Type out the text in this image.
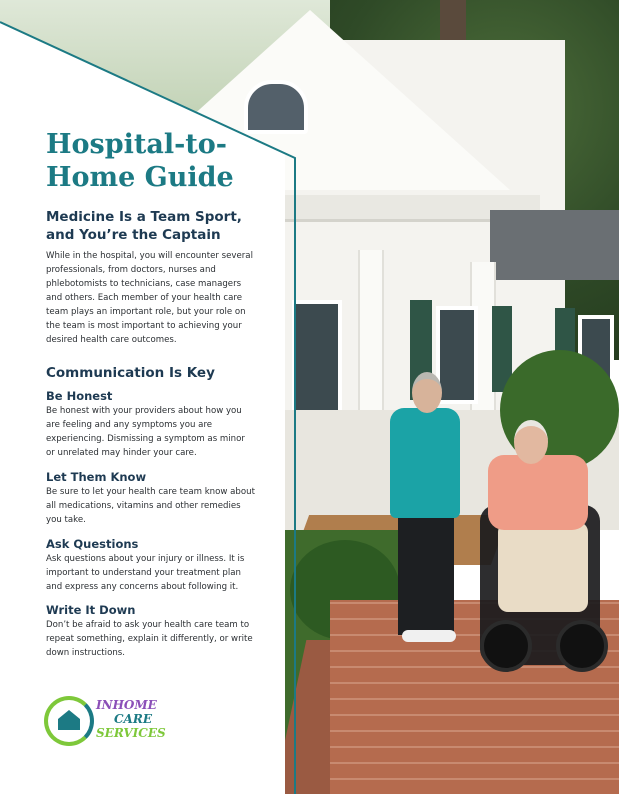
Hospital-to-Home Guide
Medicine Is a Team Sport, and You’re the Captain

While in the hospital, you will encounter several professionals, from doctors, nurses and phlebotomists to technicians, case managers and others. Each member of your health care team plays an important role, but your role on the team is most important to achieving your desired health care outcomes.

Communication Is Key
Be Honest

Be honest with your providers about how you are feeling and any symptoms you are experiencing. Dismissing a symptom as minor or unrelated may hinder your care.

Let Them Know

Be sure to let your health care team know about all medications, vitamins and other remedies you take.

Ask Questions

Ask questions about your injury or illness. It is important to understand your treatment plan and express any concerns about following it.

Write It Down

Don’t be afraid to ask your health care team to repeat something, explain it differently, or write down instructions.

INHOME
CARE
SERVICES
